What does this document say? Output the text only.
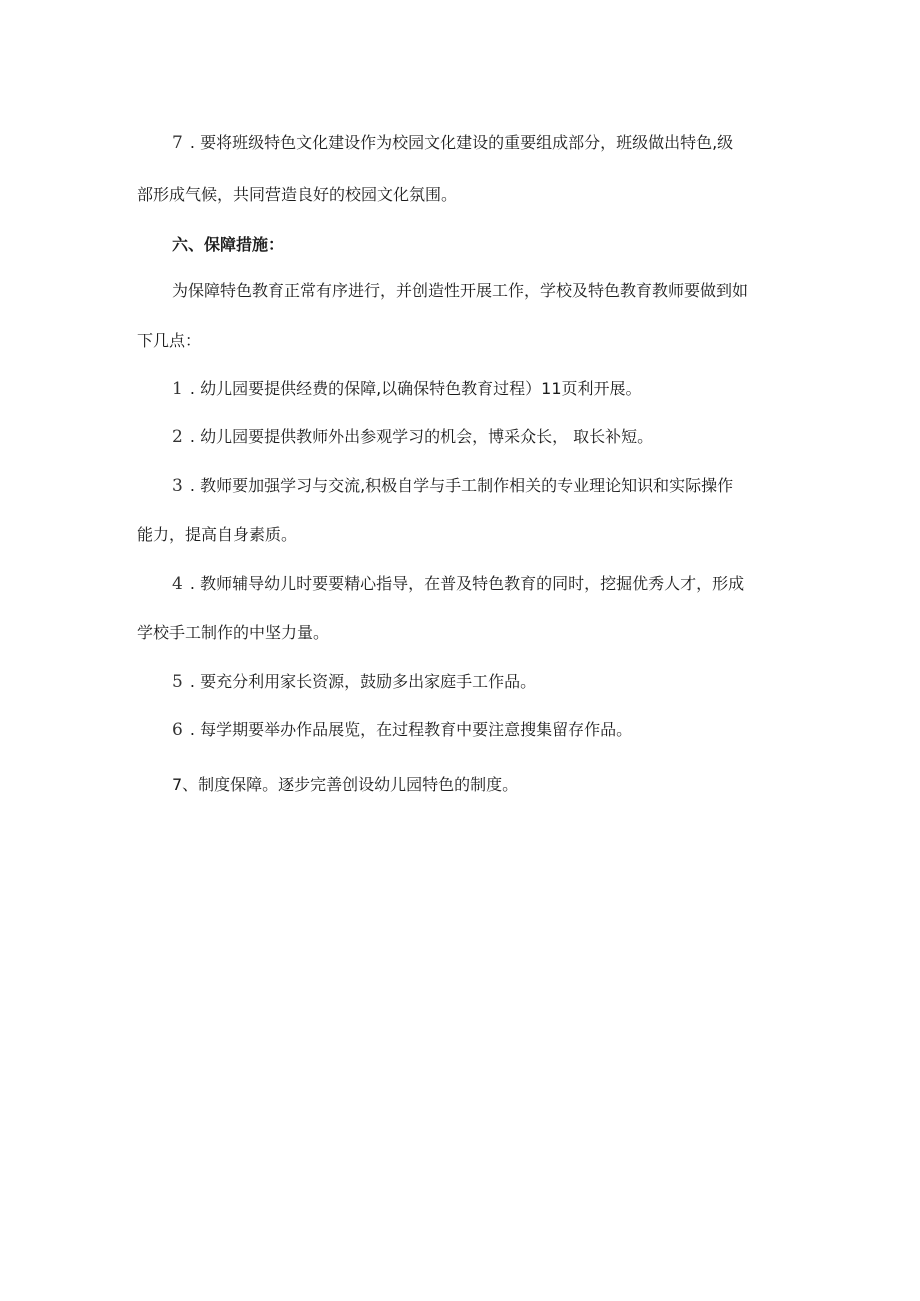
7 . 要将班级特色文化建设作为校园文化建设的重要组成部分，班级做出特色,级
部形成气候，共同营造良好的校园文化氛围。
六、保障措施：
为保障特色教育正常有序进行，并创造性开展工作，学校及特色教育教师要做到如
下几点：
1 . 幼儿园要提供经费的保障,以确保特色教育过程）11页利开展。
2 . 幼儿园要提供教师外出参观学习的机会，博采众长， 取长补短。
3 . 教师要加强学习与交流,积极自学与手工制作相关的专业理论知识和实际操作
能力，提高自身素质。
4 . 教师辅导幼儿时要要精心指导，在普及特色教育的同时，挖掘优秀人才，形成
学校手工制作的中坚力量。
5 . 要充分利用家长资源，鼓励多出家庭手工作品。
6 . 每学期要举办作品展览，在过程教育中要注意搜集留存作品。
7、制度保障。逐步完善创设幼儿园特色的制度。
